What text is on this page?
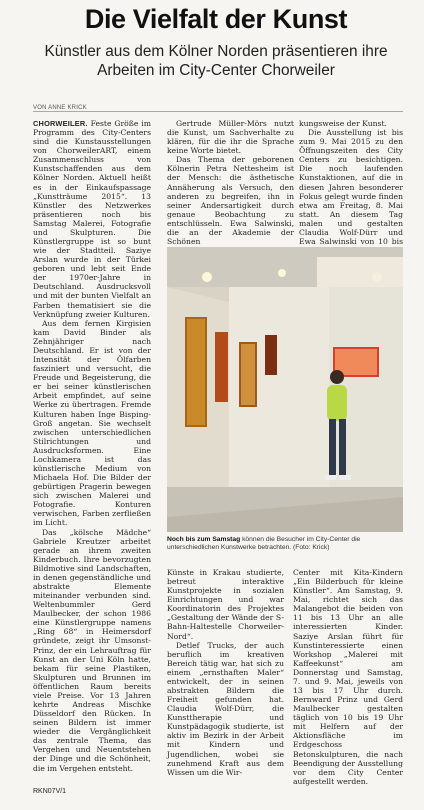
Die Vielfalt der Kunst
Künstler aus dem Kölner Norden präsentieren ihre Arbeiten im City-Center Chorweiler
VON ANNE KRICK

CHORWEILER. Feste Größe im Programm des City-Centers sind die Kunstausstellungen von ChorweilerART, einem Zusammenschluss von Kunstschaffenden aus dem Kölner Norden. Aktuell heißt es in der Einkaufspassage „Kunstträume 2015“. 13 Künstler des Netzwerkes präsentieren noch bis Samstag Malerei, Fotografie und Skulpturen. Die Künstlergruppe ist so bunt wie der Stadtteil. Saziye Arslan wurde in der Türkei geboren und lebt seit Ende der 1970er-Jahre in Deutschland. Ausdrucksvoll und mit der bunten Vielfalt an Farben thematisiert sie die Verknüpfung zweier Kulturen.

Aus dem fernen Kirgisien kam David Binder als Zehnjähriger nach Deutschland. Er ist von der Intensität der Ölfarben fasziniert und versucht, die Freude und Begeisterung, die er bei seiner künstlerischen Arbeit empfindet, auf seine Werke zu übertragen. Fremde Kulturen haben Inge Bisping-Groß angetan. Sie wechselt zwischen unterschiedlichen Stilrichtungen und Ausdrucksformen. Eine Lochkamera ist das künstlerische Medium von Michaela Hof. Die Bilder der gebürtigen Pragerin bewegen sich zwischen Malerei und Fotografie. Konturen verwischen, Farben zerfließen im Licht.

Das „kölsche Mädche“ Gabriele Kreutzer arbeitet gerade an ihrem zweiten Kinderbuch. Ihre bevorzugten Bildmotive sind Landschaften, in denen gegenständliche und abstrakte Elemente miteinander verbunden sind. Weltenbummler Gerd Maulbecker, der schon 1986 eine Künstlergruppe namens „Ring 68“ in Heimersdorf gründete, zeigt ihr Umsonst-Prinz, der ein Lehrauftrag für Kunst an der Uni Köln hatte, bekam für seine Plastiken, Skulpturen und Brunnen im öffentlichen Raum bereits viele Preise. Vor 13 Jahren kehrte Andreas Mischke Düsseldorf den Rücken. In seinen Bildern ist immer wieder die Vergänglichkeit das zentrale Thema, das Vergehen und Neuentstehen der Dinge und die Schönheit, die im Vergehen entsteht.

Gertrude Müller-Mörs nutzt die Kunst, um Sachverhalte zu klären, für die ihr die Sprache keine Worte bietet.

Das Thema der geborenen Kölnerin Petra Nettesheim ist der Mensch: die ästhetische Annäherung als Versuch, den anderen zu begreifen, ihn in seiner Andersartigkeit durch genaue Beobachtung zu entschlüsseln. Ewa Salwinski, die an der Akademie der Schönen

kungsweise der Kunst.

Die Ausstellung ist bis zum 9. Mai 2015 zu den Öffnungszeiten des City Centers zu besichtigen. Die noch laufenden Kunstaktionen, auf die in diesen Jahren besonderer Fokus gelegt wurde finden etwa am Freitag, 8. Mai statt. An diesem Tag malen und gestalten Claudia Wolf-Dürr und Ewa Salwinski von 10 bis

Noch bis zum Samstag können die Besucher im City-Center die unterschiedlichen Kunstwerke betrachten. (Foto: Krick)

Künste in Krakau studierte, betreut interaktive Kunstprojekte in sozialen Einrichtungen und war Koordinatorin des Projektes „Gestaltung der Wände der S-Bahn-Haltestelle Chorweiler-Nord“.

Detlef Trucks, der auch beruflich im kreativen Bereich tätig war, hat sich zu einem „ernsthaften Maler“ entwickelt, der in seinen abstrakten Bildern die Freiheit gefunden hat. Claudia Wolf-Dürr, die Kunsttherapie und Kunstpädagogik studierte, ist aktiv im Bezirk in der Arbeit mit Kindern und Jugendlichen, wobei sie zunehmend Kraft aus dem Wissen um die Wir-

Center mit Kita-Kindern „Ein Bilderbuch für kleine Künstler“. Am Samstag, 9. Mai, richtet sich das Malangebot die beiden von 11 bis 13 Uhr an alle interessierten Kinder. Saziye Arslan führt für Kunstinteressierte einen Workshop „Malerei mit Kaffeekunst“ am Donnerstag und Samstag, 7. und 9. Mai, jeweils von 13 bis 17 Uhr durch. Bernward Prinz und Gerd Maulbecker gestalten täglich von 10 bis 19 Uhr mit Helfern auf der Aktionsfläche im Erdgeschoss Betonskulpturen, die nach Beendigung der Ausstellung vor dem City Center aufgestellt werden.

RKN07V/1
